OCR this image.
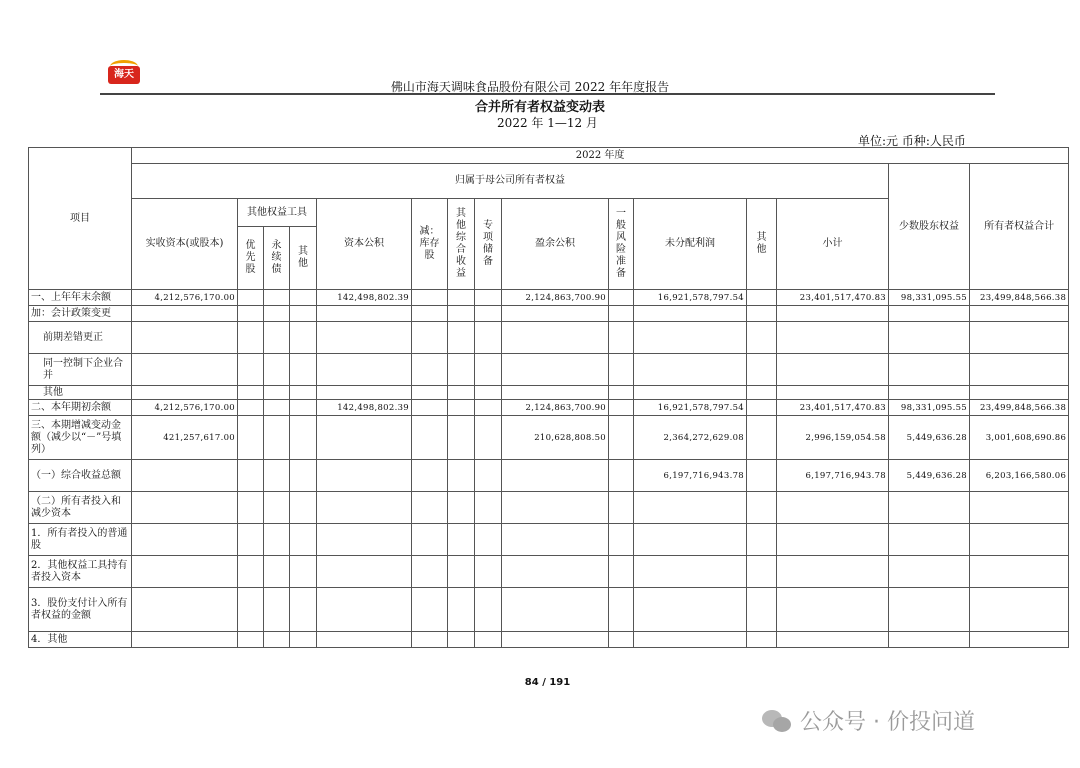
海天
佛山市海天调味食品股份有限公司 2022 年年度报告
合并所有者权益变动表
2022 年 1—12 月
单位:元 币种:人民币
项目	2022 年度														
	归属于母公司所有者权益													少数股东权益	所有者权益合计
	实收资本(或股本)	其他权益工具			资本公积	减：库存股	其他综合收益	专项储备	盈余公积	一般风险准备	未分配利润	其他	小计		
		优先股	永续债	其他											
一、上年年末余额	4,212,576,170.00				142,498,802.39				2,124,863,700.90		16,921,578,797.54		23,401,517,470.83	98,331,095.55	23,499,848,566.38
加：会计政策变更															
前期差错更正															
同一控制下企业合并															
其他															
二、本年期初余额	4,212,576,170.00				142,498,802.39				2,124,863,700.90		16,921,578,797.54		23,401,517,470.83	98,331,095.55	23,499,848,566.38
三、本期增减变动金额（减少以“－”号填列）	421,257,617.00								210,628,808.50		2,364,272,629.08		2,996,159,054.58	5,449,636.28	3,001,608,690.86
（一）综合收益总额											6,197,716,943.78		6,197,716,943.78	5,449,636.28	6,203,166,580.06
（二）所有者投入和减少资本															
1．所有者投入的普通股															
2．其他权益工具持有者投入资本															
3．股份支付计入所有者权益的金额															
4．其他															
84 / 191
公众号 · 价投问道
